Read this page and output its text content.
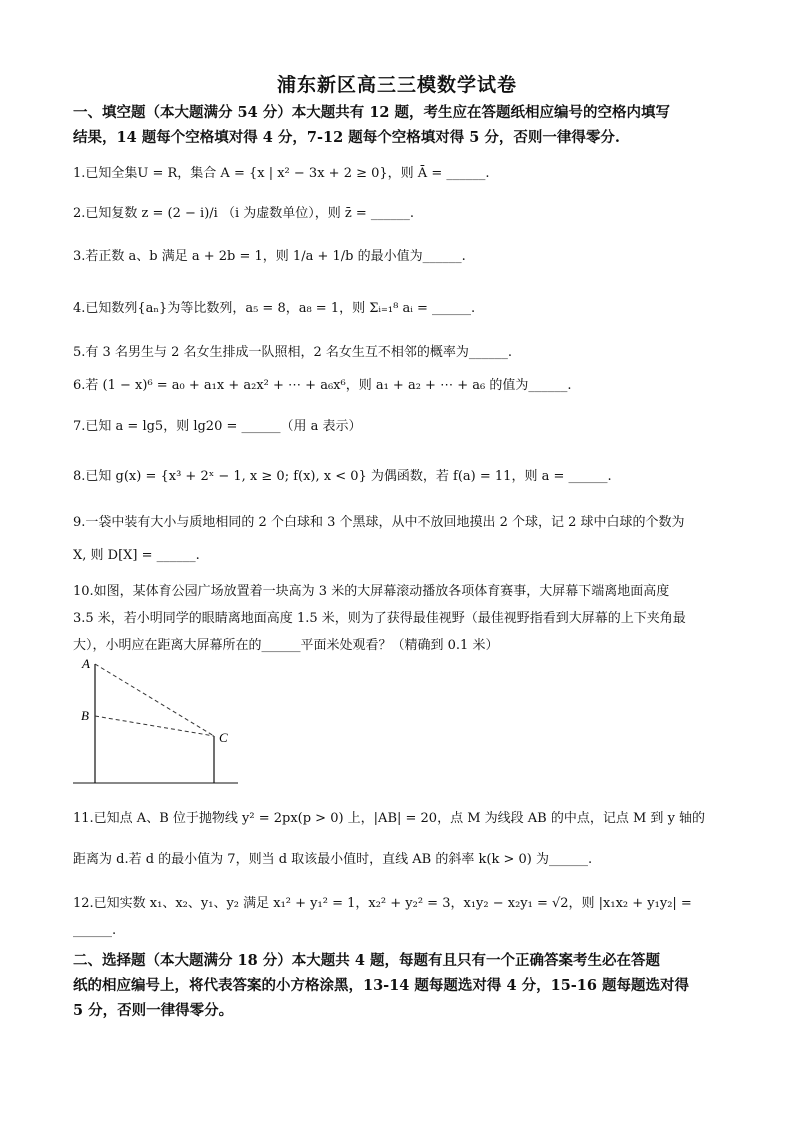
浦东新区高三三模数学试卷
一、填空题（本大题满分 54 分）本大题共有 12 题，考生应在答题纸相应编号的空格内填写
结果，14 题每个空格填对得 4 分，7-12 题每个空格填对得 5 分，否则一律得零分.
1.已知全集U = R，集合 A = {x | x² − 3x + 2 ≥ 0}，则 Ā = ______.
2.已知复数 z = (2 − i)/i （i 为虚数单位），则 z̄ = ______.
3.若正数 a、b 满足 a + 2b = 1，则 1/a + 1/b 的最小值为______.
4.已知数列{aₙ}为等比数列，a₅ = 8，a₈ = 1，则 Σᵢ₌₁⁸ aᵢ = ______.
5.有 3 名男生与 2 名女生排成一队照相，2 名女生互不相邻的概率为______.
6.若 (1 − x)⁶ = a₀ + a₁x + a₂x² + ⋯ + a₆x⁶，则 a₁ + a₂ + ⋯ + a₆ 的值为______.
7.已知 a = lg5，则 lg20 = ______（用 a 表示）
8.已知 g(x) = {x³ + 2ˣ − 1, x ≥ 0; f(x), x < 0} 为偶函数，若 f(a) = 11，则 a = ______.
9.一袋中装有大小与质地相同的 2 个白球和 3 个黑球，从中不放回地摸出 2 个球，记 2 球中白球的个数为
X, 则 D[X] = ______.
10.如图，某体育公园广场放置着一块高为 3 米的大屏幕滚动播放各项体育赛事，大屏幕下端离地面高度
3.5 米，若小明同学的眼睛离地面高度 1.5 米，则为了获得最佳视野（最佳视野指看到大屏幕的上下夹角最
大），小明应在距离大屏幕所在的______平面米处观看？（精确到 0.1 米）
A
B
C
11.已知点 A、B 位于抛物线 y² = 2px(p > 0) 上，|AB| = 20，点 M 为线段 AB 的中点，记点 M 到 y 轴的
距离为 d.若 d 的最小值为 7，则当 d 取该最小值时，直线 AB 的斜率 k(k > 0) 为______.
12.已知实数 x₁、x₂、y₁、y₂ 满足 x₁² + y₁² = 1，x₂² + y₂² = 3，x₁y₂ − x₂y₁ = √2，则 |x₁x₂ + y₁y₂| =
______.
二、选择题（本大题满分 18 分）本大题共 4 题，每题有且只有一个正确答案考生必在答题
纸的相应编号上，将代表答案的小方格涂黑，13-14 题每题选对得 4 分，15-16 题每题选对得
5 分，否则一律得零分。
